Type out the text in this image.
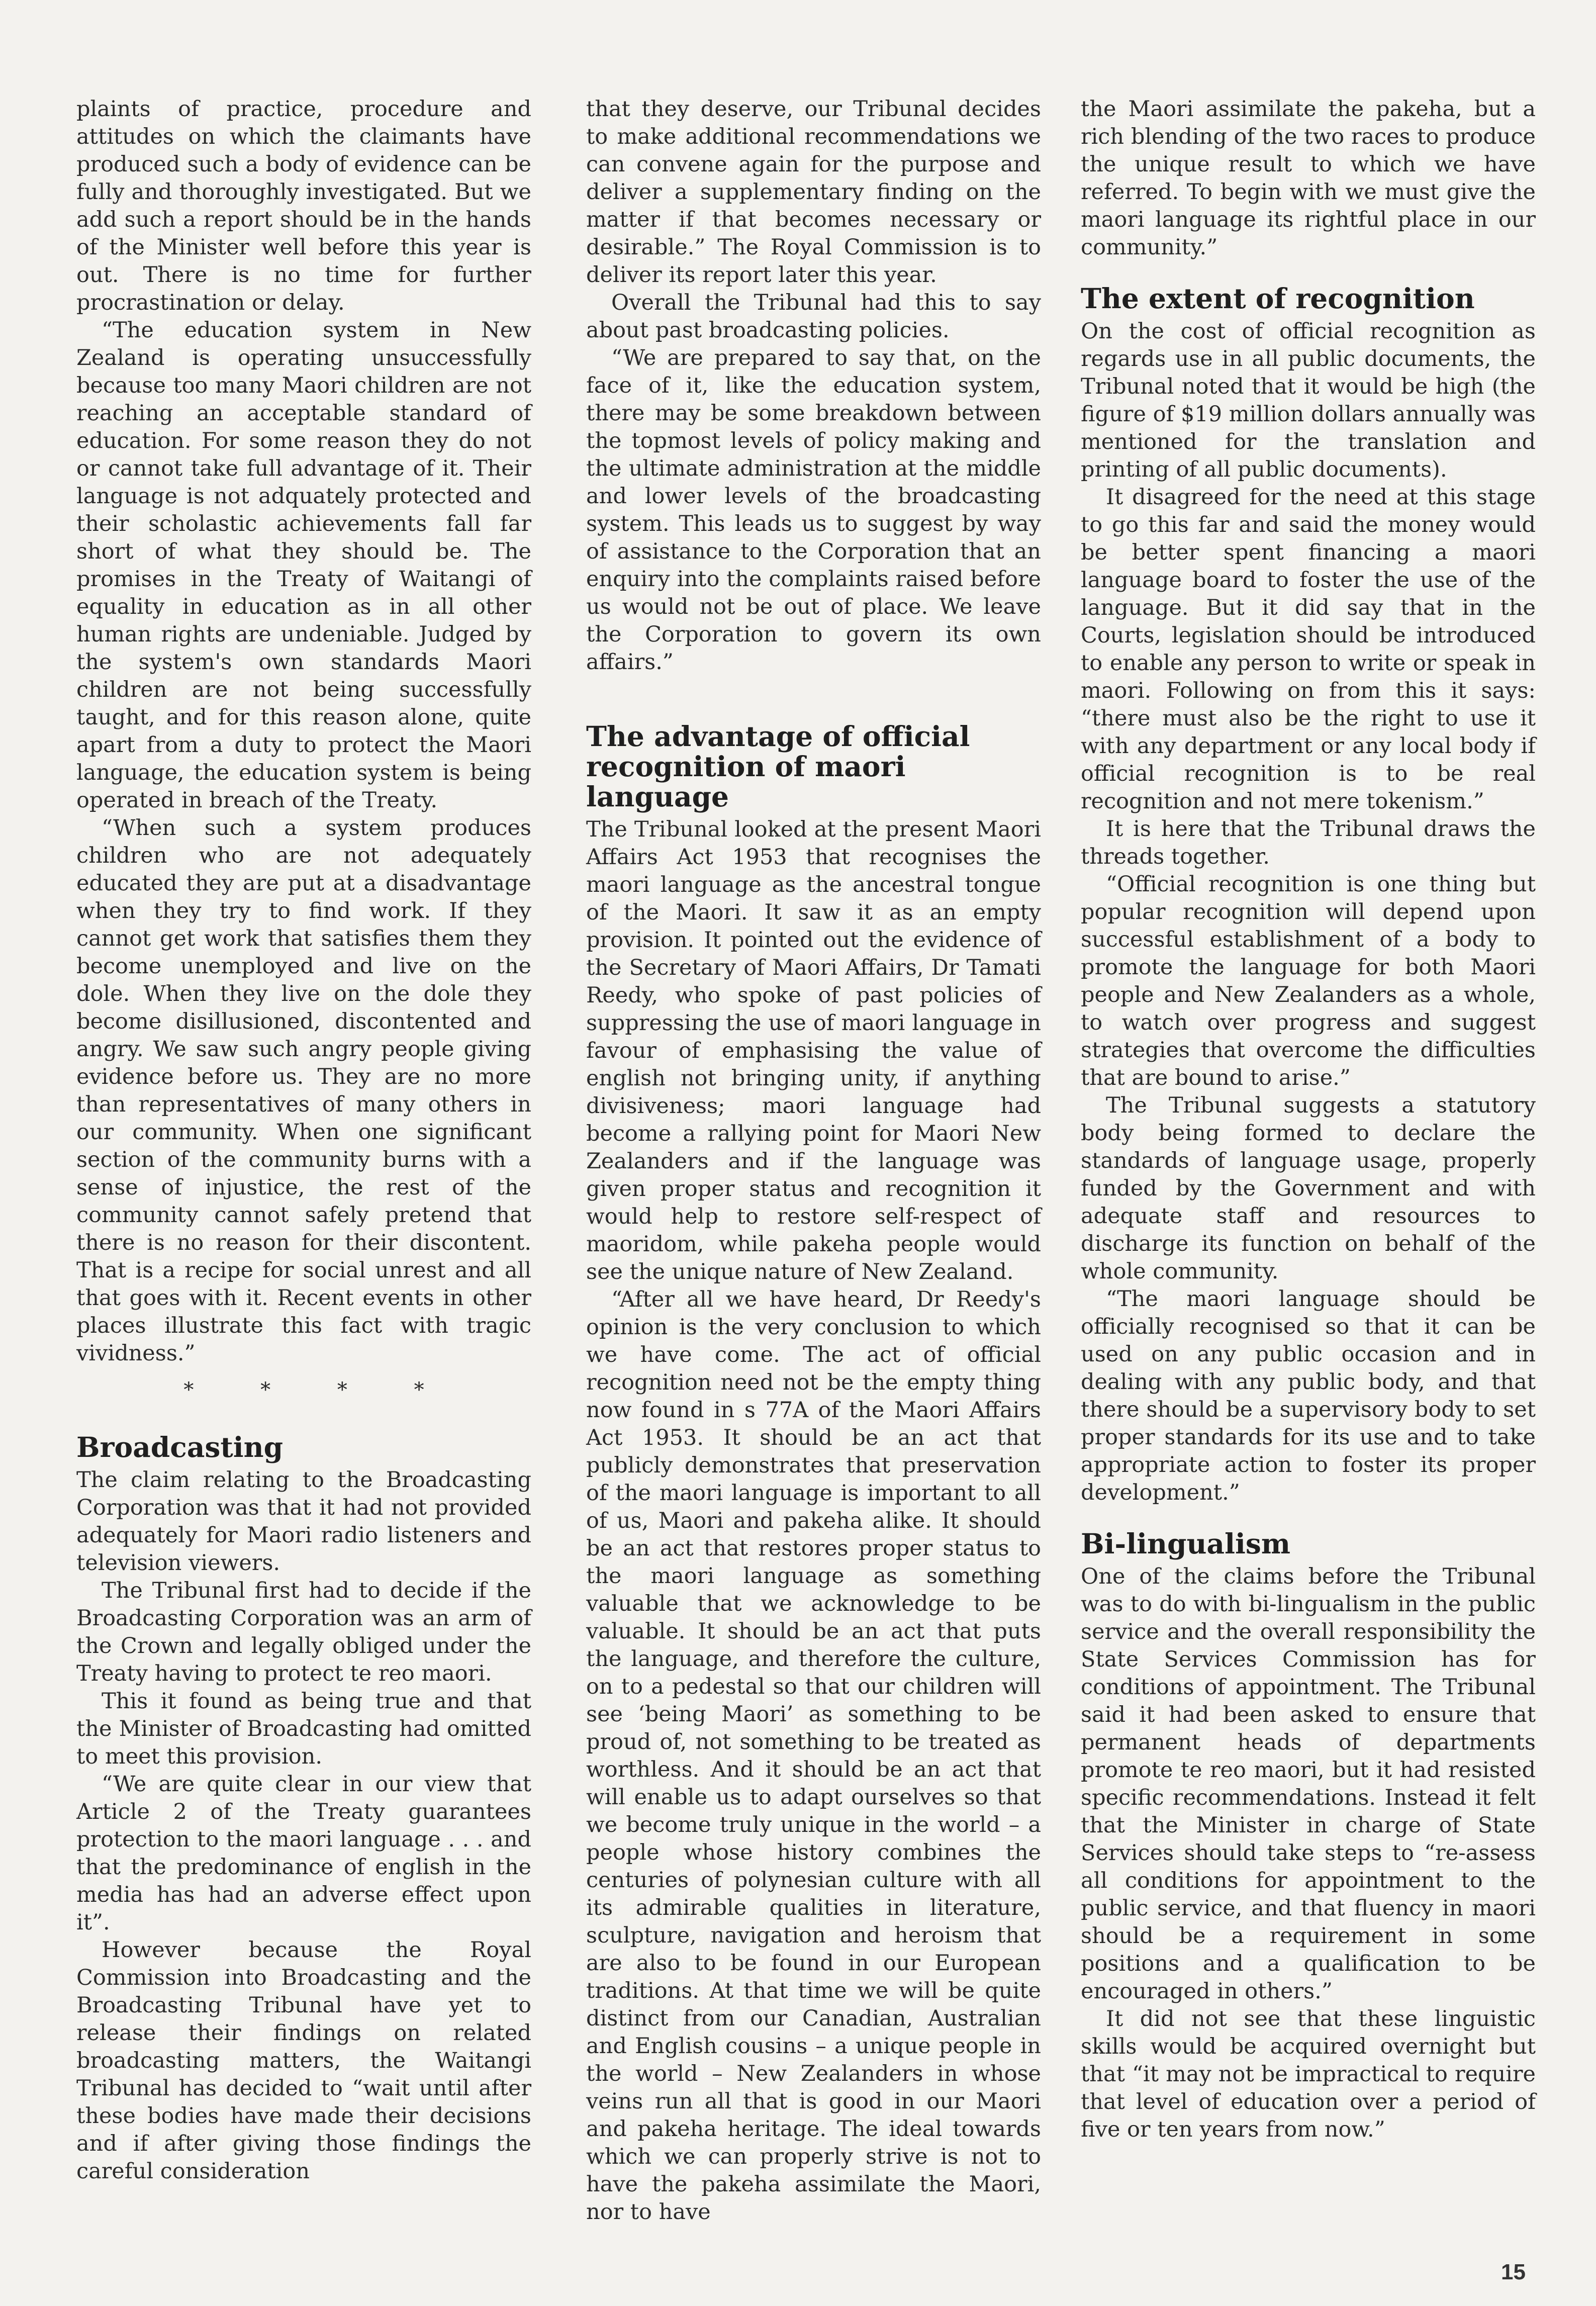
plaints of practice, procedure and attitudes on which the claimants have produced such a body of evidence can be fully and thoroughly investigated. But we add such a report should be in the hands of the Minister well before this year is out. There is no time for further procrastination or delay.

“The education system in New Zealand is operating unsuccessfully because too many Maori children are not reaching an acceptable standard of education. For some reason they do not or cannot take full advantage of it. Their language is not adquately protected and their scholastic achievements fall far short of what they should be. The promises in the Treaty of Waitangi of equality in education as in all other human rights are undeniable. Judged by the system's own standards Maori children are not being successfully taught, and for this reason alone, quite apart from a duty to protect the Maori language, the education system is being operated in breach of the Treaty.

“When such a system produces children who are not adequately educated they are put at a disadvantage when they try to find work. If they cannot get work that satisfies them they become unemployed and live on the dole. When they live on the dole they become disillusioned, discontented and angry. We saw such angry people giving evidence before us. They are no more than representatives of many others in our community. When one significant section of the community burns with a sense of injustice, the rest of the community cannot safely pretend that there is no reason for their discontent. That is a recipe for social unrest and all that goes with it. Recent events in other places illustrate this fact with tragic vividness.”

* * * *
Broadcasting

The claim relating to the Broadcasting Corporation was that it had not provided adequately for Maori radio listeners and television viewers.

The Tribunal first had to decide if the Broadcasting Corporation was an arm of the Crown and legally obliged under the Treaty having to protect te reo maori.

This it found as being true and that the Minister of Broadcasting had omitted to meet this provision.

“We are quite clear in our view that Article 2 of the Treaty guarantees protection to the maori language . . . and that the predominance of english in the media has had an adverse effect upon it”.

However because the Royal Commission into Broadcasting and the Broadcasting Tribunal have yet to release their findings on related broadcasting matters, the Waitangi Tribunal has decided to “wait until after these bodies have made their decisions and if after giving those findings the careful consideration

that they deserve, our Tribunal decides to make additional recommendations we can convene again for the purpose and deliver a supplementary finding on the matter if that becomes necessary or desirable.” The Royal Commission is to deliver its report later this year.

Overall the Tribunal had this to say about past broadcasting policies.

“We are prepared to say that, on the face of it, like the education system, there may be some breakdown between the topmost levels of policy making and the ultimate administration at the middle and lower levels of the broadcasting system. This leads us to suggest by way of assistance to the Corporation that an enquiry into the complaints raised before us would not be out of place. We leave the Corporation to govern its own affairs.”

The advantage of official recognition of maori language

The Tribunal looked at the present Maori Affairs Act 1953 that recognises the maori language as the ancestral tongue of the Maori. It saw it as an empty provision. It pointed out the evidence of the Secretary of Maori Affairs, Dr Tamati Reedy, who spoke of past policies of suppressing the use of maori language in favour of emphasising the value of english not bringing unity, if anything divisiveness; maori language had become a rallying point for Maori New Zealanders and if the language was given proper status and recognition it would help to restore self-respect of maoridom, while pakeha people would see the unique nature of New Zealand.

“After all we have heard, Dr Reedy's opinion is the very conclusion to which we have come. The act of official recognition need not be the empty thing now found in s 77A of the Maori Affairs Act 1953. It should be an act that publicly demonstrates that preservation of the maori language is important to all of us, Maori and pakeha alike. It should be an act that restores proper status to the maori language as something valuable that we acknowledge to be valuable. It should be an act that puts the language, and therefore the culture, on to a pedestal so that our children will see ‘being Maori’ as something to be proud of, not something to be treated as worthless. And it should be an act that will enable us to adapt ourselves so that we become truly unique in the world – a people whose history combines the centuries of polynesian culture with all its admirable qualities in literature, sculpture, navigation and heroism that are also to be found in our European traditions. At that time we will be quite distinct from our Canadian, Australian and English cousins – a unique people in the world – New Zealanders in whose veins run all that is good in our Maori and pakeha heritage. The ideal towards which we can properly strive is not to have the pakeha assimilate the Maori, nor to have

the Maori assimilate the pakeha, but a rich blending of the two races to produce the unique result to which we have referred. To begin with we must give the maori language its rightful place in our community.”

The extent of recognition

On the cost of official recognition as regards use in all public documents, the Tribunal noted that it would be high (the figure of $19 million dollars annually was mentioned for the translation and printing of all public documents).

It disagreed for the need at this stage to go this far and said the money would be better spent financing a maori language board to foster the use of the language. But it did say that in the Courts, legislation should be introduced to enable any person to write or speak in maori. Following on from this it says: “there must also be the right to use it with any department or any local body if official recognition is to be real recognition and not mere tokenism.”

It is here that the Tribunal draws the threads together.

“Official recognition is one thing but popular recognition will depend upon successful establishment of a body to promote the language for both Maori people and New Zealanders as a whole, to watch over progress and suggest strategies that overcome the difficulties that are bound to arise.”

The Tribunal suggests a statutory body being formed to declare the standards of language usage, properly funded by the Government and with adequate staff and resources to discharge its function on behalf of the whole community.

“The maori language should be officially recognised so that it can be used on any public occasion and in dealing with any public body, and that there should be a supervisory body to set proper standards for its use and to take appropriate action to foster its proper development.”

Bi-lingualism

One of the claims before the Tribunal was to do with bi-lingualism in the public service and the overall responsibility the State Services Commission has for conditions of appointment. The Tribunal said it had been asked to ensure that permanent heads of departments promote te reo maori, but it had resisted specific recommendations. Instead it felt that the Minister in charge of State Services should take steps to “re-assess all conditions for appointment to the public service, and that fluency in maori should be a requirement in some positions and a qualification to be encouraged in others.”

It did not see that these linguistic skills would be acquired overnight but that “it may not be impractical to require that level of education over a period of five or ten years from now.”

15
